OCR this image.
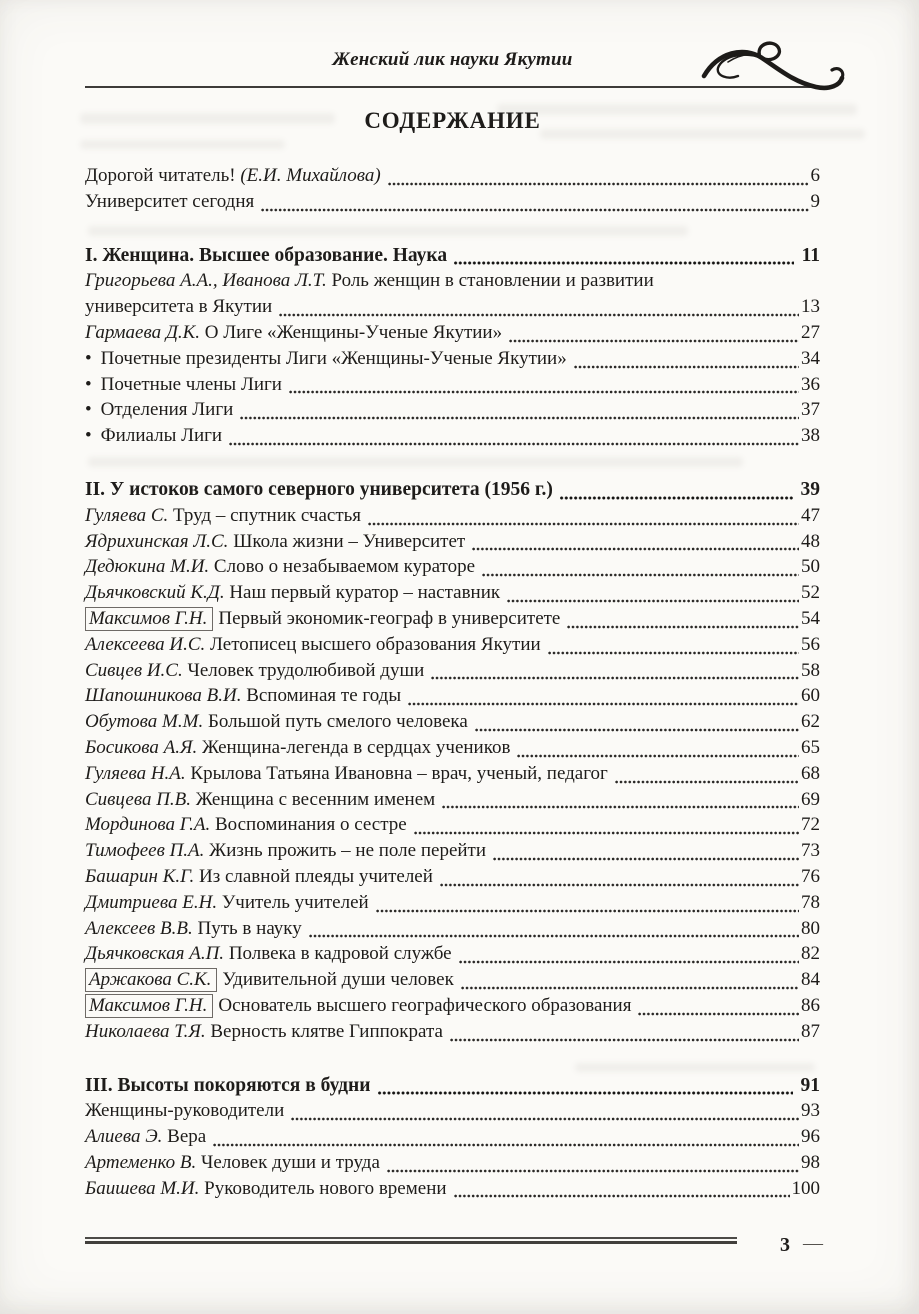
Женский лик науки Якутии
СОДЕРЖАНИЕ
Дорогой читатель! (Е.И. Михайлова)	6
Университет сегодня	9
I. Женщина. Высшее образование. Наука	11
Григорьева А.А., Иванова Л.Т. Роль женщин в становлении и развитии
университета в Якутии	13
Гармаева Д.К. О Лиге «Женщины-Ученые Якутии»	27
• Почетные президенты Лиги «Женщины-Ученые Якутии»	34
• Почетные члены Лиги	36
• Отделения Лиги	37
• Филиалы Лиги	38
II. У истоков самого северного университета (1956 г.)	39
Гуляева С. Труд – спутник счастья	47
Ядрихинская Л.С. Школа жизни – Университет	48
Дедюкина М.И. Слово о незабываемом кураторе	50
Дьячковский К.Д. Наш первый куратор – наставник	52
Максимов Г.Н. Первый экономик-географ в университете	54
Алексеева И.С. Летописец высшего образования Якутии	56
Сивцев И.С. Человек трудолюбивой души	58
Шапошникова В.И. Вспоминая те годы	60
Обутова М.М. Большой путь смелого человека	62
Босикова А.Я. Женщина-легенда в сердцах учеников	65
Гуляева Н.А. Крылова Татьяна Ивановна – врач, ученый, педагог	68
Сивцева П.В. Женщина с весенним именем	69
Мординова Г.А. Воспоминания о сестре	72
Тимофеев П.А. Жизнь прожить – не поле перейти	73
Башарин К.Г. Из славной плеяды учителей	76
Дмитриева Е.Н. Учитель учителей	78
Алексеев В.В. Путь в науку	80
Дьячковская А.П. Полвека в кадровой службе	82
Аржакова С.К. Удивительной души человек	84
Максимов Г.Н. Основатель высшего географического образования	86
Николаева Т.Я. Верность клятве Гиппократа	87
III. Высоты покоряются в будни	91
Женщины-руководители	93
Алиева Э. Вера	96
Артеменко В. Человек души и труда	98
Баишева М.И. Руководитель нового времени	100
3 —
